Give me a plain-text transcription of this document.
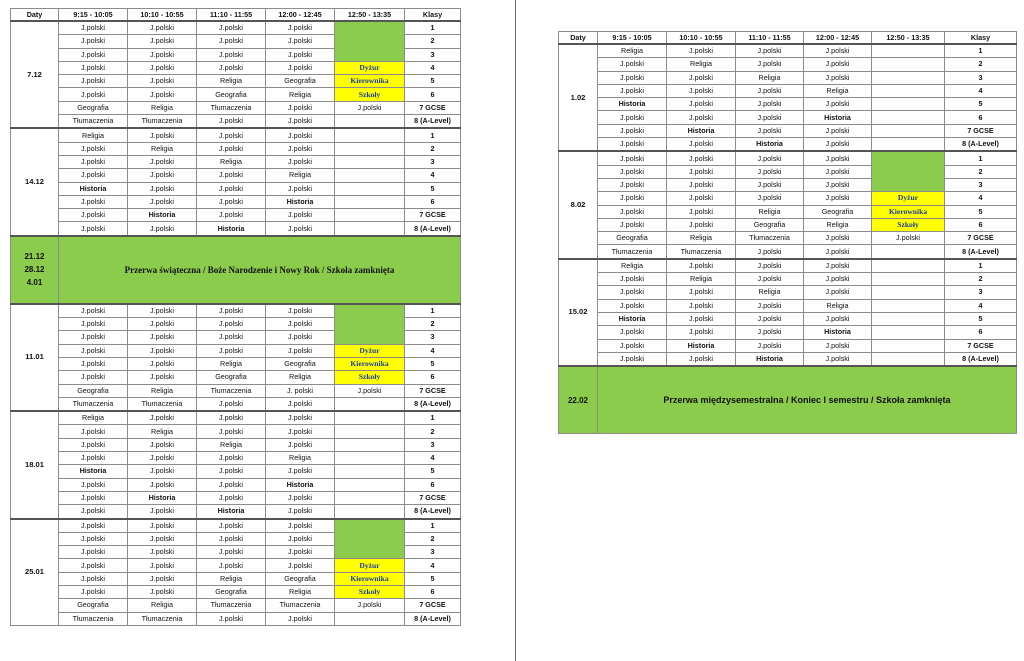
Daty	9:15 - 10:05	10:10 - 10:55	11:10 - 11:55	12:00 - 12:45	12:50 - 13:35	Klasy
7.12	J.polski	J.polski	J.polski	J.polski		1
	J.polski	J.polski	J.polski	J.polski		2
	J.polski	J.polski	J.polski	J.polski		3
	J.polski	J.polski	J.polski	J.polski	Dyżur	4
	J.polski	J.polski	Religia	Geografia	Kierownika	5
	J.polski	J.polski	Geografia	Religia	Szkoły	6
	Geografia	Religia	Tłumaczenia	J.polski	J.polski	7 GCSE
	Tłumaczenia	Tłumaczenia	J.polski	J.polski		8 (A-Level)
14.12	Religia	J.polski	J.polski	J.polski		1
	J.polski	Religia	J.polski	J.polski		2
	J.polski	J.polski	Religia	J.polski		3
	J.polski	J.polski	J.polski	Religia		4
	Historia	J.polski	J.polski	J.polski		5
	J.polski	J.polski	J.polski	Historia		6
	J.polski	Historia	J.polski	J.polski		7 GCSE
	J.polski	J.polski	Historia	J.polski		8 (A-Level)

21.12
28.12
4.01	Przerwa świąteczna / Boże Narodzenie i Nowy Rok / Szkoła zamknięta					
11.01	J.polski	J.polski	J.polski	J.polski		1
	J.polski	J.polski	J.polski	J.polski		2
	J.polski	J.polski	J.polski	J.polski		3
	J.polski	J.polski	J.polski	J.polski	Dyżur	4
	J.polski	J.polski	Religia	Geografia	Kierownika	5
	J.polski	J.polski	Geografia	Religia	Szkoły	6
	Geografia	Religia	Tłumaczenia	J. polski	J.polski	7 GCSE
	Tłumaczenia	Tłumaczenia	J.polski	J.polski		8 (A-Level)
18.01	Religia	J.polski	J.polski	J.polski		1
	J.polski	Religia	J.polski	J.polski		2
	J.polski	J.polski	Religia	J.polski		3
	J.polski	J.polski	J.polski	Religia		4
	Historia	J.polski	J.polski	J.polski		5
	J.polski	J.polski	J.polski	Historia		6
	J.polski	Historia	J.polski	J.polski		7 GCSE
	J.polski	J.polski	Historia	J.polski		8 (A-Level)
25.01	J.polski	J.polski	J.polski	J.polski		1
	J.polski	J.polski	J.polski	J.polski		2
	J.polski	J.polski	J.polski	J.polski		3
	J.polski	J.polski	J.polski	J.polski	Dyżur	4
	J.polski	J.polski	Religia	Geografia	Kierownika	5
	J.polski	J.polski	Geografia	Religia	Szkoły	6
	Geografia	Religia	Tłumaczenia	Tłumaczenia	J.polski	7 GCSE
	Tłumaczenia	Tłumaczenia	J.polski	J.polski		8 (A-Level)
Daty	9:15 - 10:05	10:10 - 10:55	11:10 - 11:55	12:00 - 12:45	12:50 - 13:35	Klasy
1.02	Religia	J.polski	J.polski	J.polski		1
	J.polski	Religia	J.polski	J.polski		2
	J.polski	J.polski	Religia	J.polski		3
	J.polski	J.polski	J.polski	Religia		4
	Historia	J.polski	J.polski	J.polski		5
	J.polski	J.polski	J.polski	Historia		6
	J.polski	Historia	J.polski	J.polski		7 GCSE
	J.polski	J.polski	Historia	J.polski		8 (A-Level)
8.02	J.polski	J.polski	J.polski	J.polski		1
	J.polski	J.polski	J.polski	J.polski		2
	J.polski	J.polski	J.polski	J.polski		3
	J.polski	J.polski	J.polski	J.polski	Dyżur	4
	J.polski	J.polski	Religia	Geografia	Kierownika	5
	J.polski	J.polski	Geografia	Religia	Szkoły	6
	Geografia	Religia	Tłumaczenia	J.polski	J.polski	7 GCSE
	Tłumaczenia	Tłumaczenia	J.polski	J.polski		8 (A-Level)
15.02	Religia	J.polski	J.polski	J.polski		1
	J.polski	Religia	J.polski	J.polski		2
	J.polski	J.polski	Religia	J.polski		3
	J.polski	J.polski	J.polski	Religia		4
	Historia	J.polski	J.polski	J.polski		5
	J.polski	J.polski	J.polski	Historia		6
	J.polski	Historia	J.polski	J.polski		7 GCSE
	J.polski	J.polski	Historia	J.polski		8 (A-Level)

22.02	Przerwa międzysemestralna / Koniec I semestru / Szkoła zamknięta					
